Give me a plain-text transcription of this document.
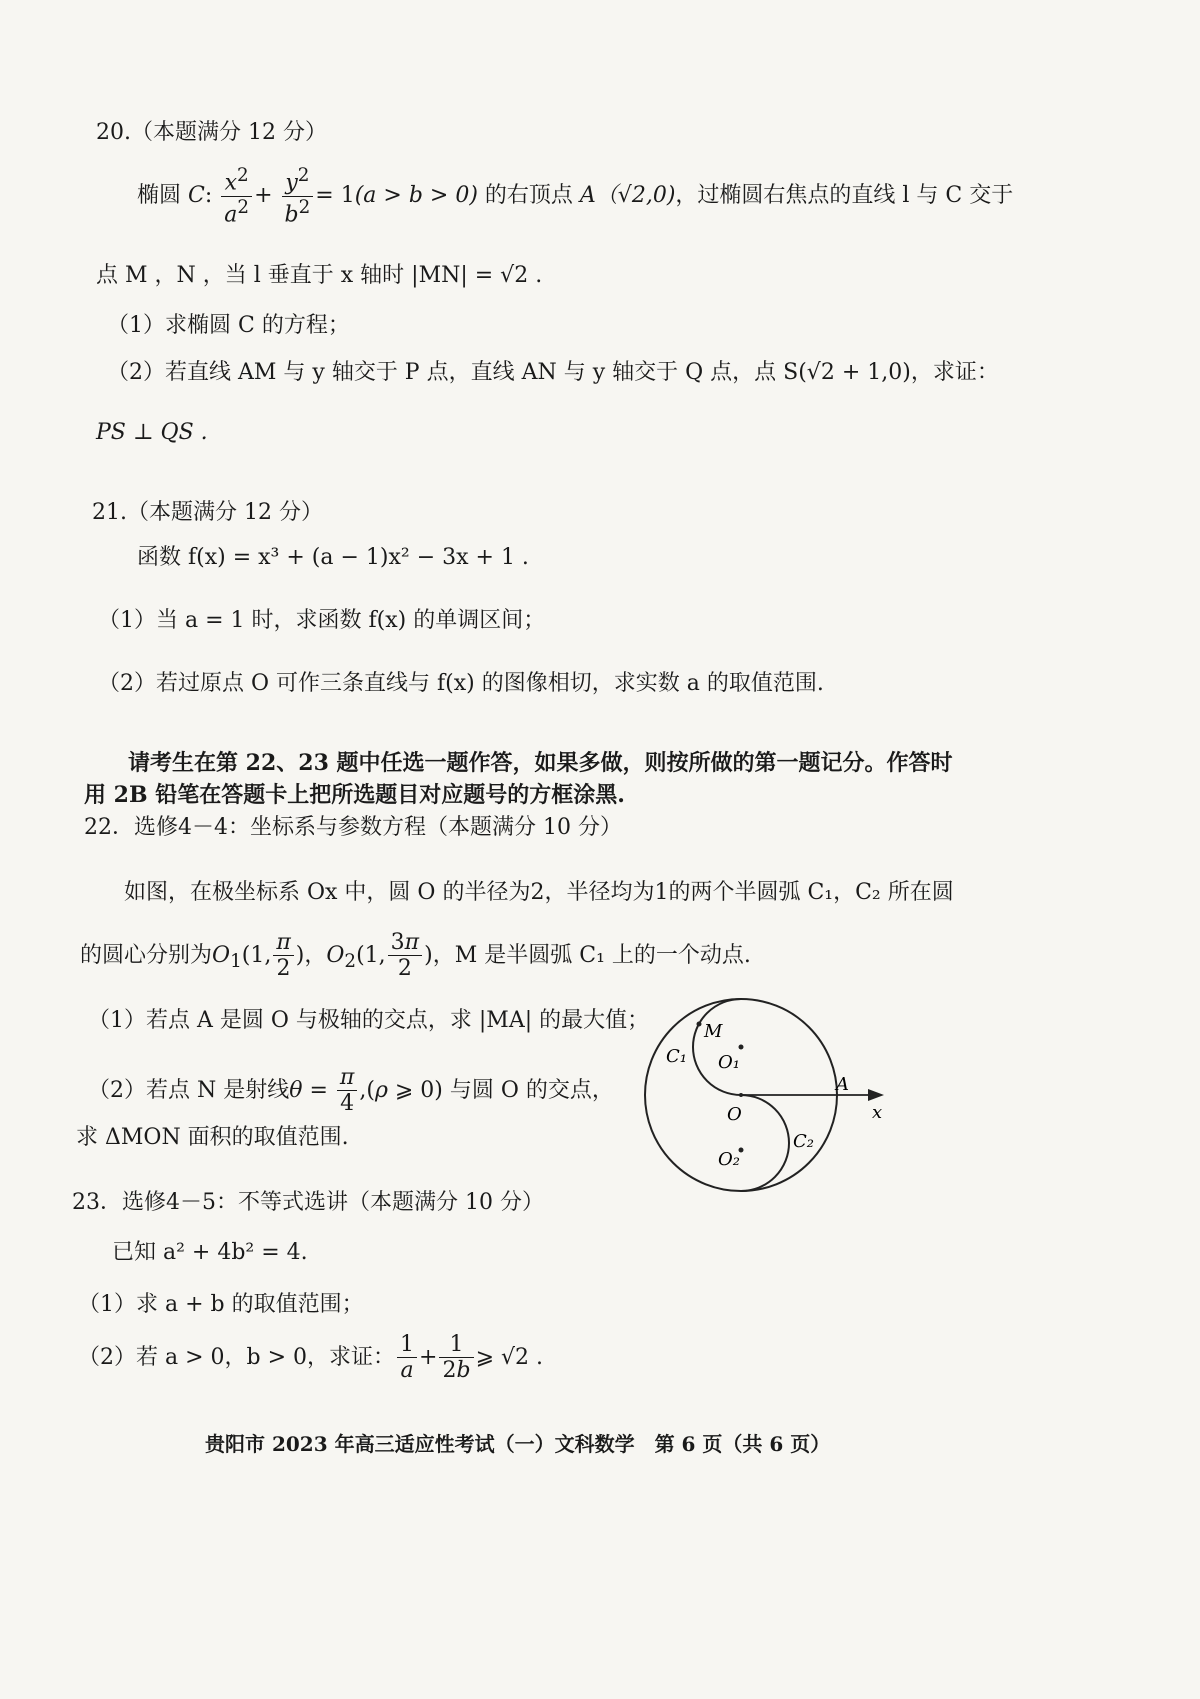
20.（本题满分 12 分）
椭圆 C: $\frac{x^2}{a^2} + \frac{y^2}{b^2} = 1(a > b > 0)$ 的右顶点 A（√2,0)，过椭圆右焦点的直线 l 与 C 交于
点 M ，N ，当 l 垂直于 x 轴时 |MN| = √2 .
（1）求椭圆 C 的方程；
（2）若直线 AM 与 y 轴交于 P 点，直线 AN 与 y 轴交于 Q 点，点 S(√2 + 1,0)，求证：
PS ⊥ QS .
21.（本题满分 12 分）
函数 f(x) = x³ + (a − 1)x² − 3x + 1 .
（1）当 a = 1 时，求函数 f(x) 的单调区间；
（2）若过原点 O 可作三条直线与 f(x) 的图像相切，求实数 a 的取值范围.
请考生在第 22、23 题中任选一题作答，如果多做，则按所做的第一题记分。作答时
用 2B 铅笔在答题卡上把所选题目对应题号的方框涂黑.
22．选修4－4：坐标系与参数方程（本题满分 10 分）
如图，在极坐标系 Ox 中，圆 O 的半径为2，半径均为1的两个半圆弧 C₁，C₂ 所在圆
的圆心分别为$O_1(1$, $\frac{\pi}{2}$ )，$O_2(1$, $\frac{3\pi}{2}$ )，M 是半圆弧 C₁ 上的一个动点.
（1）若点 A 是圆 O 与极轴的交点，求 |MA| 的最大值；
（2）若点 N 是射线$\theta = \frac{\pi}{4} ,(\rho$ ⩾ 0) 与圆 O 的交点，
求 ΔMON 面积的取值范围.
M
O₁
C₁
A
O	x
C₂
O₂
23．选修4－5：不等式选讲（本题满分 10 分）
已知 a² + 4b² = 4.
（1）求 a + b 的取值范围；
（2）若 a > 0，b > 0，求证： $\frac{1}{a} + \frac{1}{2b}$ ⩾ √2 .
贵阳市 2023 年高三适应性考试（一）文科数学　第 6 页（共 6 页）
